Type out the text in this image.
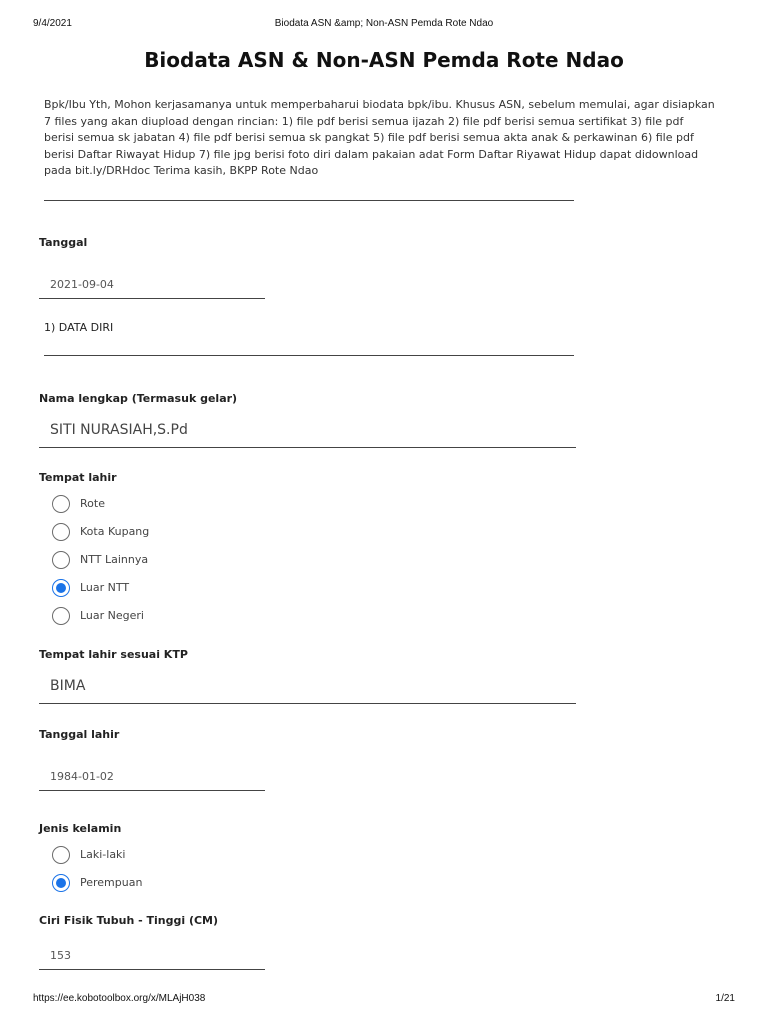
9/4/2021	Biodata ASN &amp; Non-ASN Pemda Rote Ndao
Biodata ASN & Non-ASN Pemda Rote Ndao

Bpk/Ibu Yth, Mohon kerjasamanya untuk memperbaharui biodata bpk/ibu. Khusus ASN, sebelum memulai, agar disiapkan 7 files yang akan diupload dengan rincian: 1) file pdf berisi semua ijazah 2) file pdf berisi semua sertifikat 3) file pdf berisi semua sk jabatan 4) file pdf berisi semua sk pangkat 5) file pdf berisi semua akta anak & perkawinan 6) file pdf berisi Daftar Riwayat Hidup 7) file jpg berisi foto diri dalam pakaian adat Form Daftar Riyawat Hidup dapat didownload pada bit.ly/DRHdoc Terima kasih, BKPP Rote Ndao

Tanggal

2021-09-04

1) DATA DIRI

Nama lengkap (Termasuk gelar)

SITI NURASIAH,S.Pd

Tempat lahir

Rote
Kota Kupang
NTT Lainnya
Luar NTT
Luar Negeri

Tempat lahir sesuai KTP

BIMA

Tanggal lahir

1984-01-02

Jenis kelamin

Laki-laki
Perempuan

Ciri Fisik Tubuh - Tinggi (CM)

153
https://ee.kobotoolbox.org/x/MLAjH038	1/21
